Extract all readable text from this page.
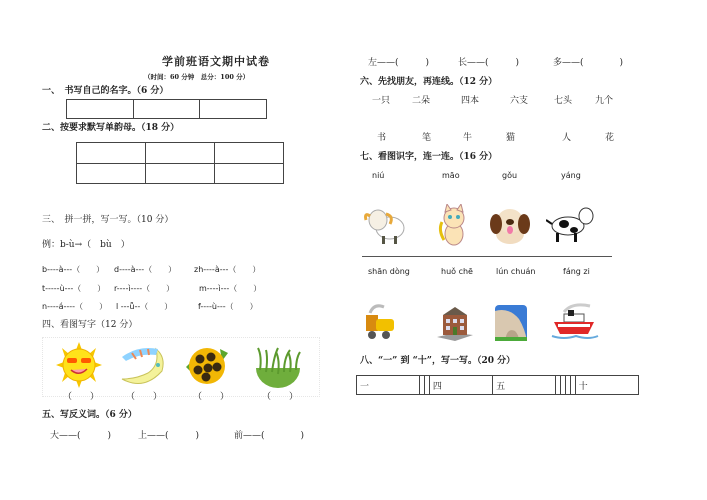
学前班语文期中试卷
（时间：60 分钟　总分：100 分）
一、　书写自己的名字。（6 分）

二、按要求默写单韵母。（18 分）

三、　拼一拼，写一写。（10 分）
例：b-ù→（　bù　）
b----à---（　　） d----à---（　　） zh----à---（　　）
t-----ù---（　　） r----ì----（　　）	m----ì---（　　）
n----á----（　　） l ---ǖ--（　　）	f----ù---（　　）
四、看图写字（12 分）
（　　）	（　　）	（　　）	（　　）
五、写反义词。（6 分）
大——(　　　)	上——(　　　)	前——(　　　　)
左——(　　　)	长——(　　　)	多——(　　　　)
六、先找朋友，再连线。（12 分）
一只 二朵	四本	六支	七头	九个
书	笔	牛	猫	人	花
七、看图识字，连一连。（16 分）
niú	māo	gǒu	yáng
shān dòng	huǒ chē	lún chuán	fáng zi
八、“一” 到 “十”，写一写。（20 分）
一			四	五					十
